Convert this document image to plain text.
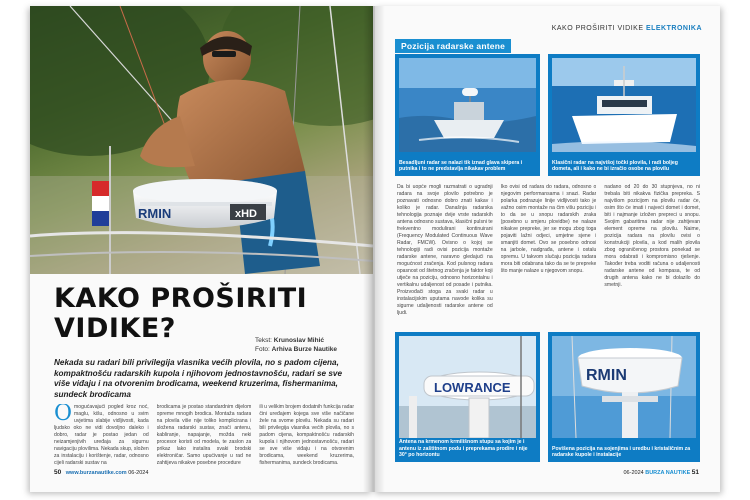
RMIN	xHD
KAKO PROŠIRITI VIDIKE?	Tekst: Krunoslav Mihić
Foto: Arhiva Burze Nautike

Nekada su radari bili privilegija vlasnika većih plovila, no s padom cijena, kompaktnošću radarskih kupola i njihovom jednostavnošću, radari se sve više viđaju i na otvorenim brodicama, weekend kruzerima, fishermanima, sundeck brodicama

Omogućavajući pogled kroz noć, maglu, kišu, odnosno u svim uvjetima slabije vidljivosti, kada ljudsko oko ne vidi dovoljno daleko i dobro, radar je postao jedan od neizamjenjivih uređaja za sigurnu navigaciju plovilima. Nekada skup, složen za instalaciju i korištenje, radar, odnosno cijeli radarski sustav na
brodicama je postao standardnim dijelom opreme mnogih brodica. Montaža radara na plovila više nije toliko komplicirana i složena radarski sustav, znači antenu, kabliranje, napajanje, možda neki procesor koristi od modela, te zaslon za prikaz lako instalira svaki brodski elektroničar. Samo upućivanje u rad ne zahtijeva nikakve posebne procedure
ili u velikim brojem dodatnih funkcija radar čini uređajem kojega sve više načičane žele na svome plovilu. Nekada su radari bili privilegija vlasnika većih plovila, no s padom cijena, kompaktnošću radarskih kupola i njihovom jednostavnošću, radari se sve više viđaju i na otvorenim brodicama, weekend kruzerima, fishermanima, sundeck brodicama.
50 www.burzanautike.com 06-2024
KAKO PROŠIRITI VIDIKE ELEKTRONIKA
Pozicija radarske antene
Besadljuni radar se nalazi tik iznad glava skipera i putnika i to ne predstavlja nikakav problem
Klasični radar na najvišoj točki plovila, i radi boljeg dometa, ali i kako ne bi izračio osobe na plovilu
Da bi uopće mogli razmatrati o ugradnji radara na svoje plovilo potrebno je poznavati odnosno dobro znati kakav i koliko je radar. Današnja radarska tehnologija poznaje dvije vrste radarskih antena odnosno sustava, klasični pulsni te frekventno modulirani kontinuirani (Frequency Modulated Continuous Wave Radar, FMCW). Ovisno o kojoj se tehnologiji radi ovisi pozicija montaže radarske antene, naravno gledajući na mogućnost zračenja. Kod pulsnog radara opasnost od štetnog zračenja je faktor koji utječe na poziciju, odnosno horizontalnu i vertikalnu udaljenost od posade i putnika. Proizvođači stoga za svaki radar u instalacijskim uputama navode kolika su sigurne udaljenosti radarske antene od ljudi.
Iko ovisi od radara do radara, odnosno o njegovim performansama i snazi. Radar polarka podrazuje linije vidljivosti tako je važno osim montaže na čim višu poziciju i to da se u snopu radarskih zraka (posebno u smjeru plovidbe) ne nalaze nikakve prepreke, jer se mogu zbog toga pojaviti lažni odjeci, umjetne sjene i smanjiti domet. Ovo se posebno odnosi na jarbole, nadgrađa, antene i ostalu opremu. U takvom slučaju pozicija radara mora biti odabrana tako da se te prepreke što manje nalaze u njegovom snopu.
nadano od 20 do 30 stupnjeva, no ni trebala biti nikakva fizička prepreka. S najvišom pozicijom na plovilu radar će, osim što će imati i najveći domet i domet, biti i najmanje izložen prepreci u snopu. Svojim gabaritima radar nije zahtjevan element opreme na plovilu. Naime, pozicija radara na plovilu ovisi o konstrukciji plovila, a kod malih plovila zbog ograničenog prostora ponekad se mora odabrati i kompromisno rješenje. Također treba voditi računa o udaljenosti radarske antene od kompasa, te od drugih antena kako ne bi dolazilo do smetnji.
LOWRANCE
Antena na krmenom krmilišnom stupu sa kojim je i antenu iz zaštitnom podu i preprekama prodire i nije 30° po horizontu
RMIN
Povišena pozicija na sojenjima i uredbu i kristaličnim za radarske kupole i instalacije
06-2024 BURZA NAUTIKE 51
